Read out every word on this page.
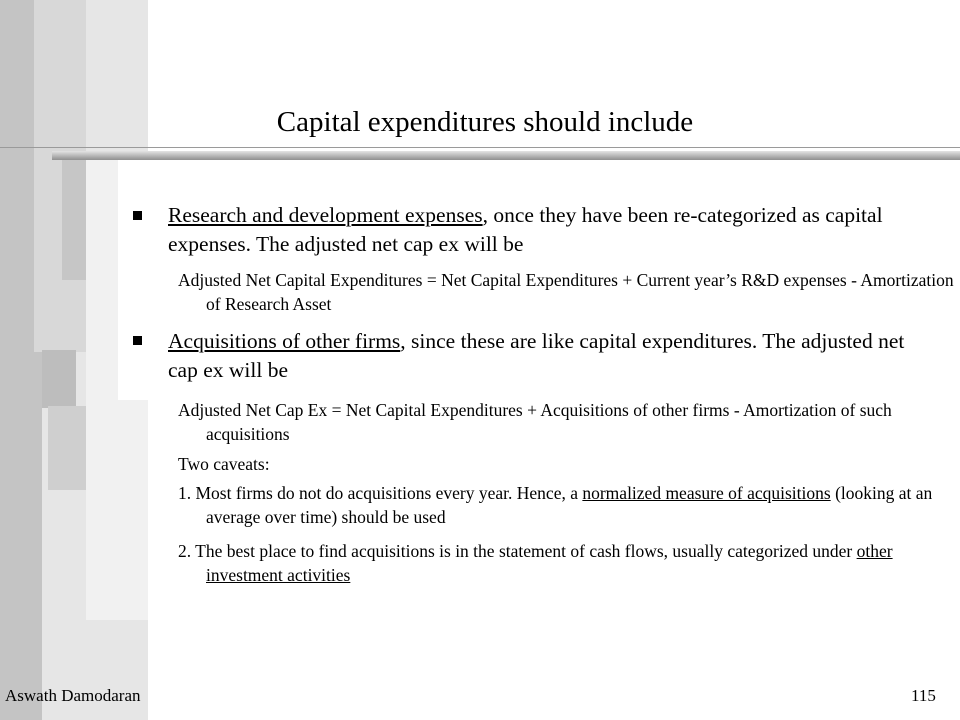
Capital expenditures should include
Research and development expenses, once they have been re-categorized as capital expenses. The adjusted net cap ex will be
Adjusted Net Capital Expenditures = Net Capital Expenditures + Current year’s R&D expenses - Amortization of Research Asset
Acquisitions of other firms, since these are like capital expenditures. The adjusted net cap ex will be
Adjusted Net Cap Ex = Net Capital Expenditures + Acquisitions of other firms - Amortization of such acquisitions
Two caveats:
1. Most firms do not do acquisitions every year. Hence, a normalized measure of acquisitions (looking at an average over time) should be used
2. The best place to find acquisitions is in the statement of cash flows, usually categorized under other investment activities
Aswath Damodaran	115
